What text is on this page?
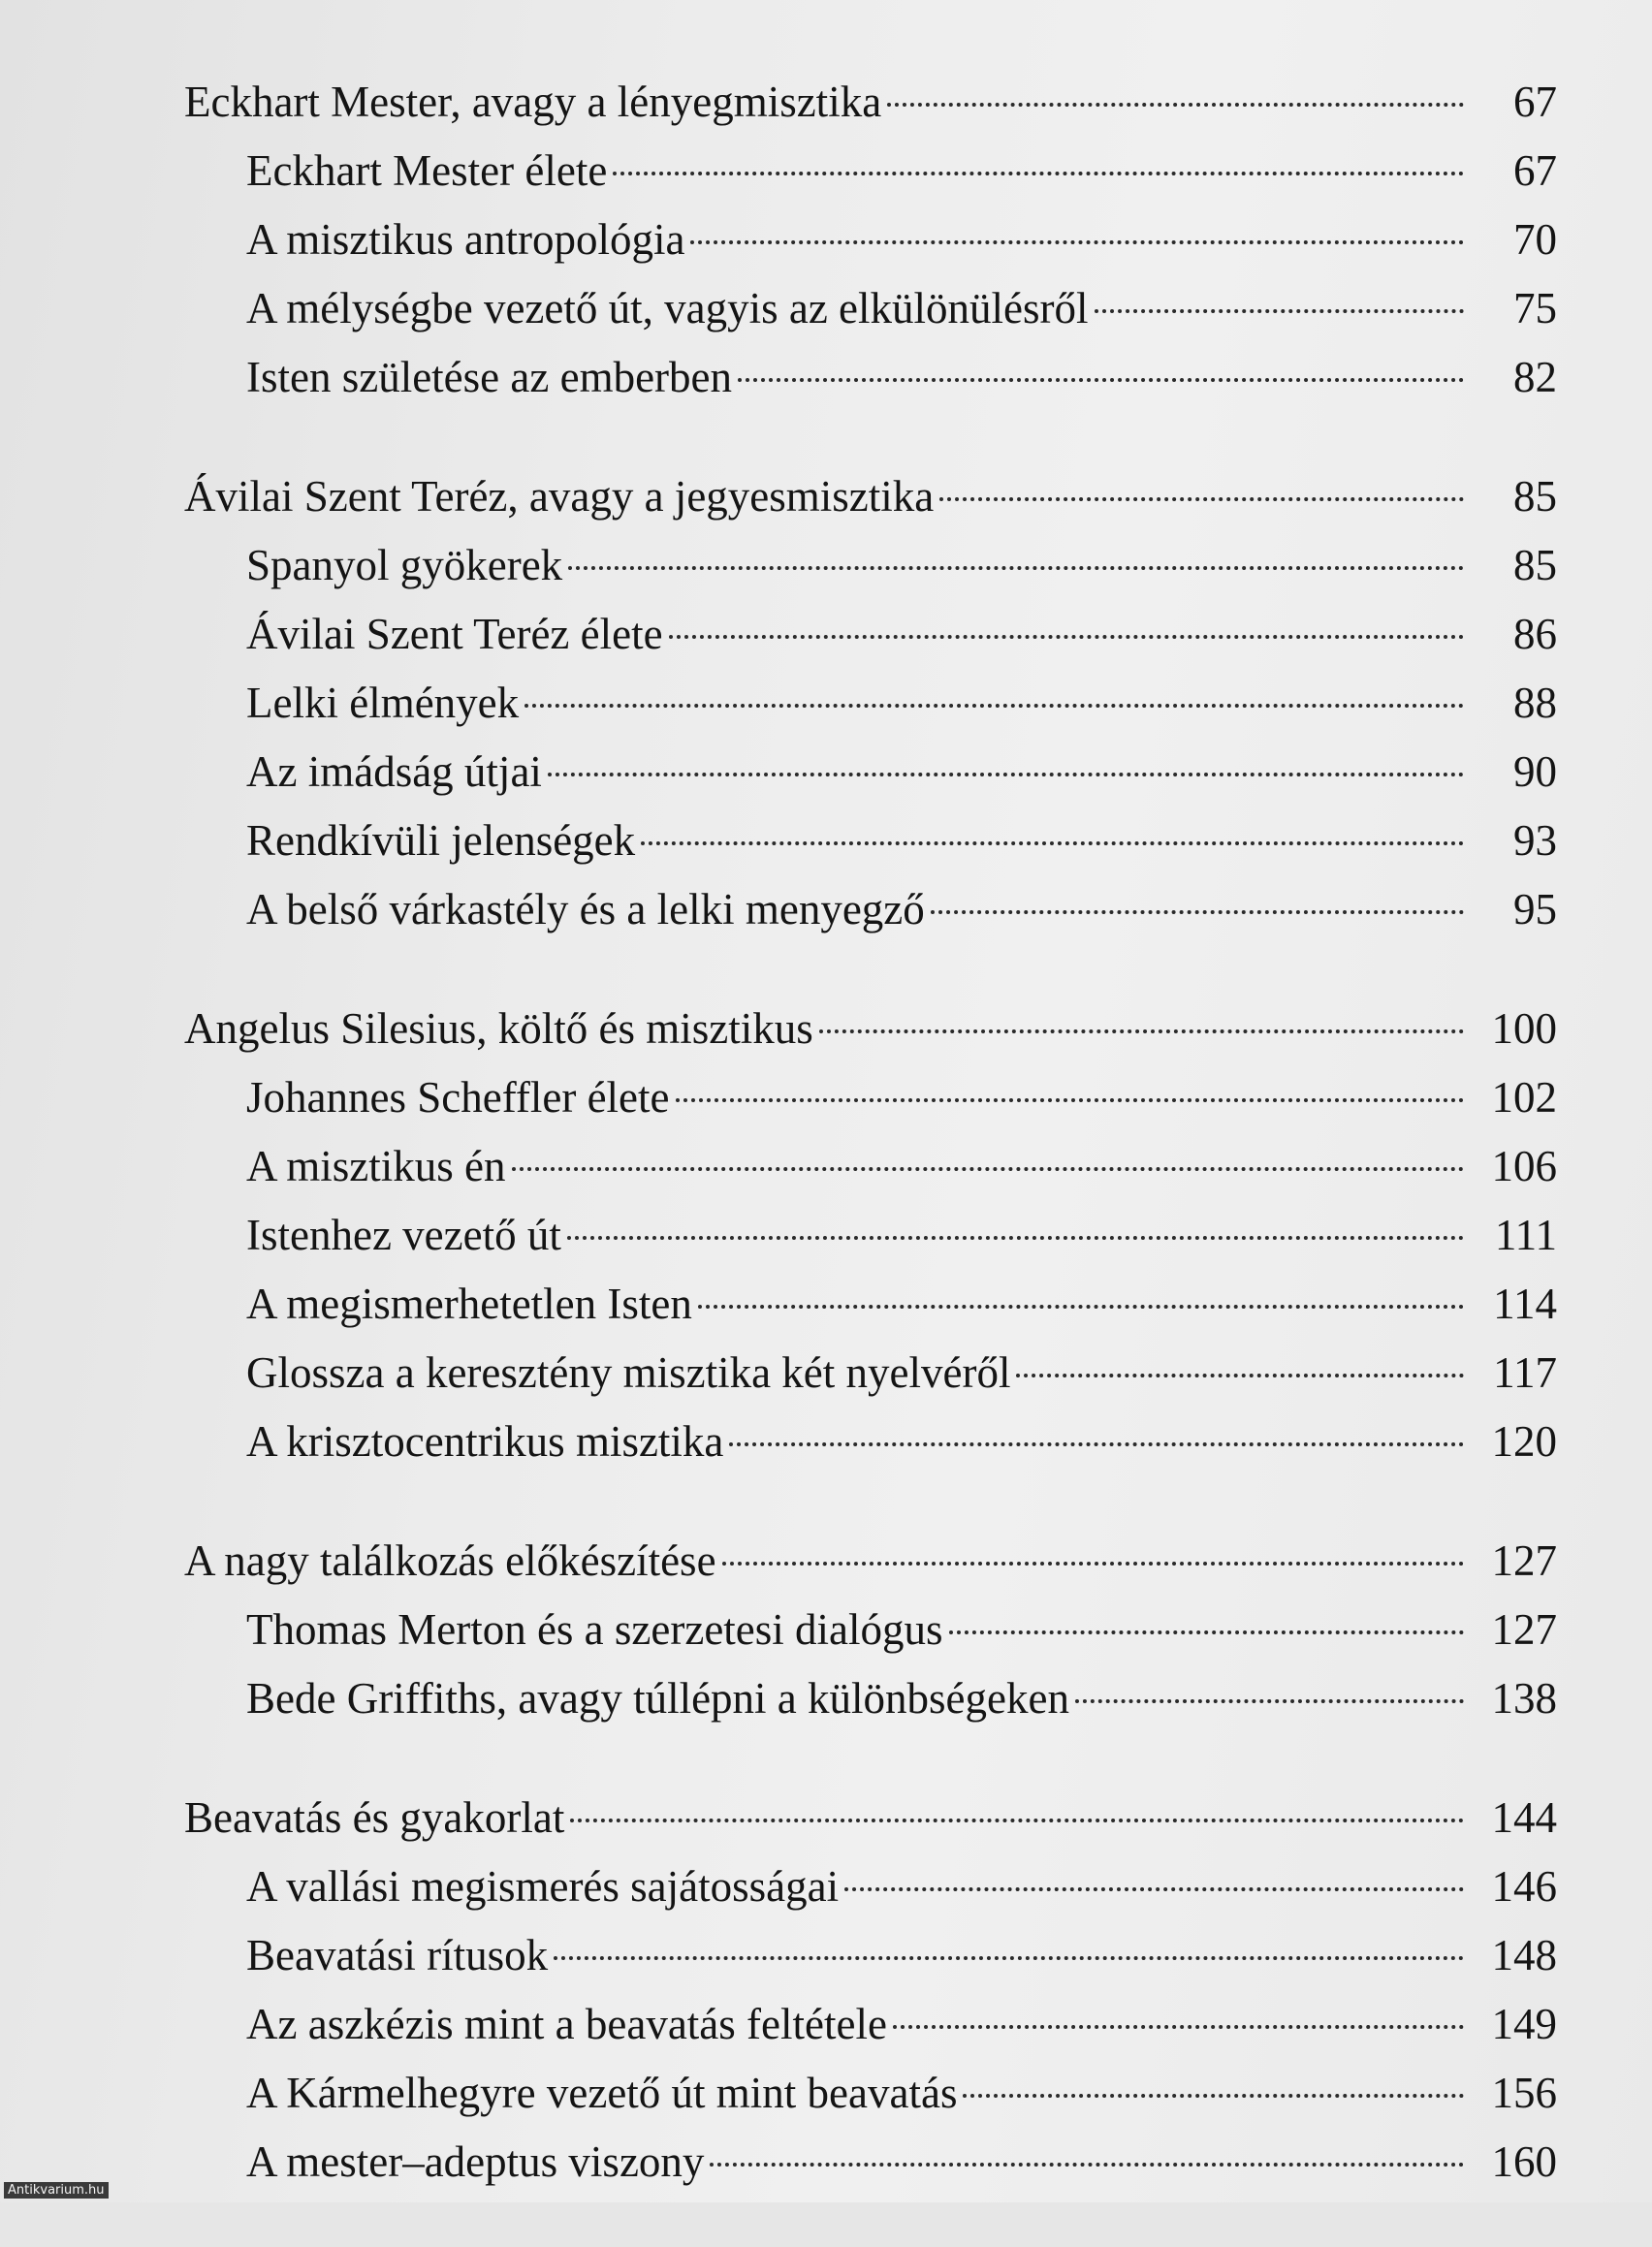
Eckhart Mester, avagy a lényegmisztika	67
Eckhart Mester élete	67
A misztikus antropológia	70
A mélységbe vezető út, vagyis az elkülönülésről	75
Isten születése az emberben	82
Ávilai Szent Teréz, avagy a jegyesmisztika	85
Spanyol gyökerek	85
Ávilai Szent Teréz élete	86
Lelki élmények	88
Az imádság útjai	90
Rendkívüli jelenségek	93
A belső várkastély és a lelki menyegző	95
Angelus Silesius, költő és misztikus	100
Johannes Scheffler élete	102
A misztikus én	106
Istenhez vezető út	111
A megismerhetetlen Isten	114
Glossza a keresztény misztika két nyelvéről	117
A krisztocentrikus misztika	120
A nagy találkozás előkészítése	127
Thomas Merton és a szerzetesi dialógus	127
Bede Griffiths, avagy túllépni a különbségeken	138
Beavatás és gyakorlat	144
A vallási megismerés sajátosságai	146
Beavatási rítusok	148
Az aszkézis mint a beavatás feltétele	149
A Kármelhegyre vezető út mint beavatás	156
A mester–adeptus viszony	160
Antikvarium.hu
